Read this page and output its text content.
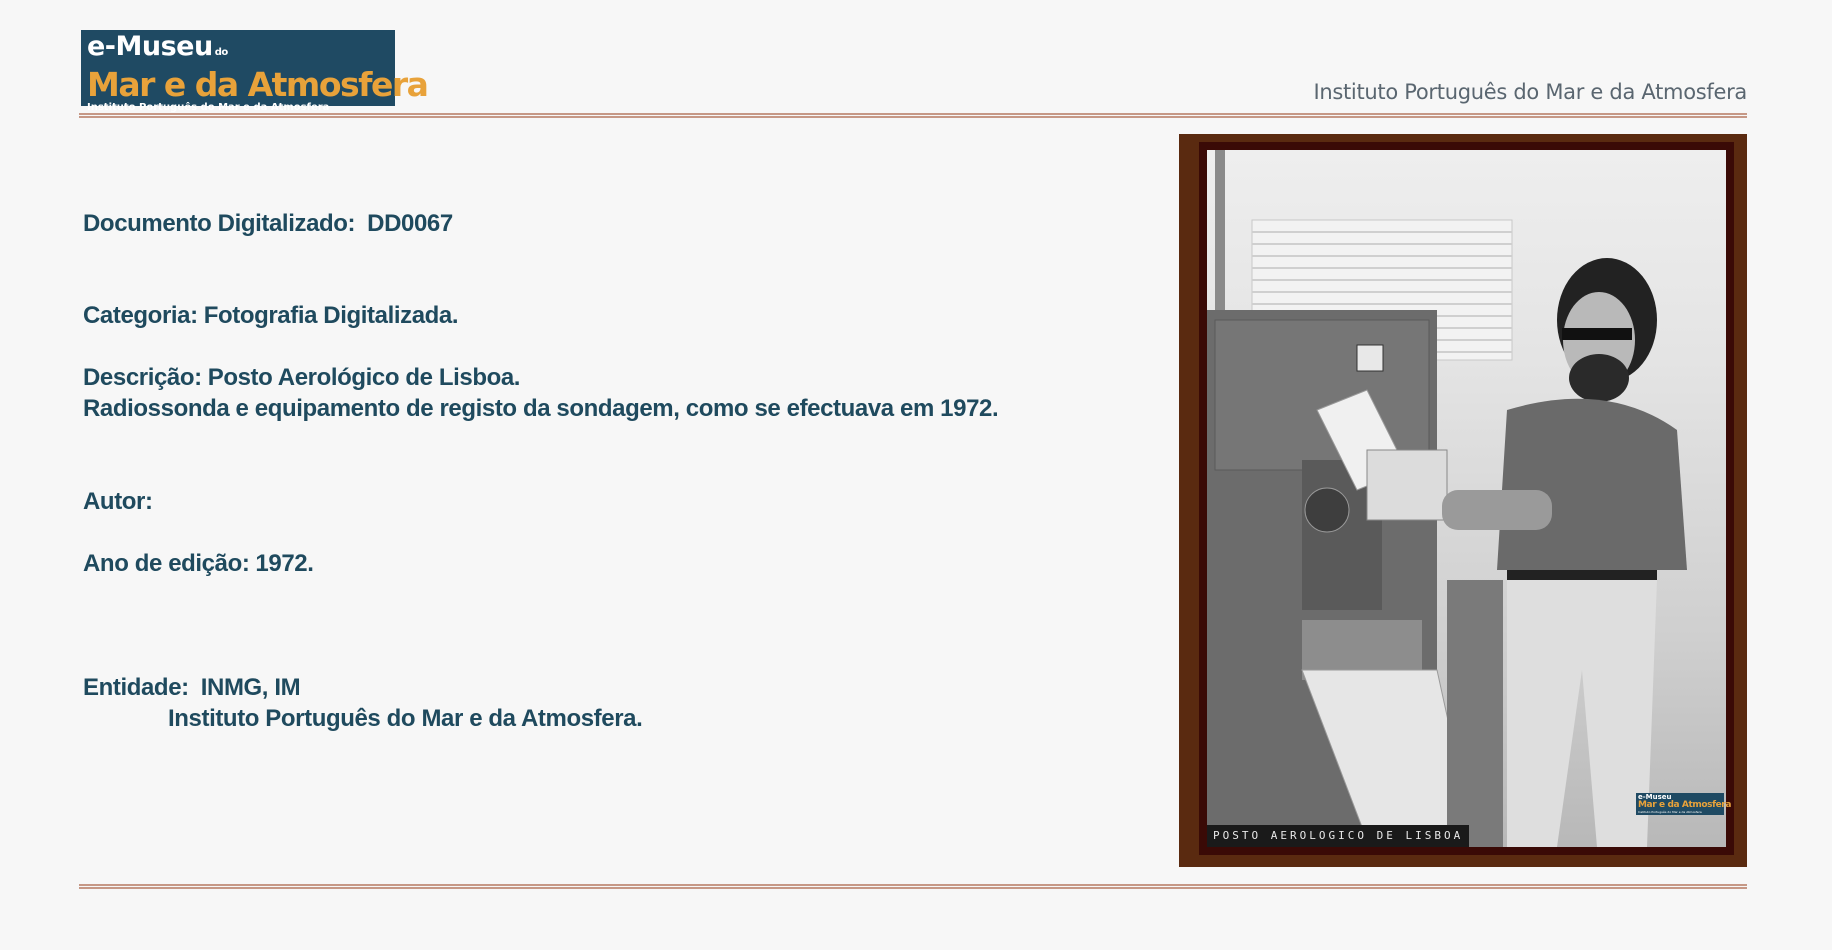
e-Museu do
Mar e da Atmosfera
Instituto Português do Mar e da Atmosfera
Instituto Português do Mar e da Atmosfera
Documento Digitalizado: DD0067
Categoria: Fotografia Digitalizada.
Descrição: Posto Aerológico de Lisboa.
Radiossonda e equipamento de registo da sondagem, como se efectuava em 1972.
Autor:
Ano de edição: 1972.
Entidade: INMG, IM
Instituto Português do Mar e da Atmosfera.
e-Museu
Mar e da Atmosfera
Instituto Português do Mar e da Atmosfera
POSTO AEROLOGICO DE LISBOA
